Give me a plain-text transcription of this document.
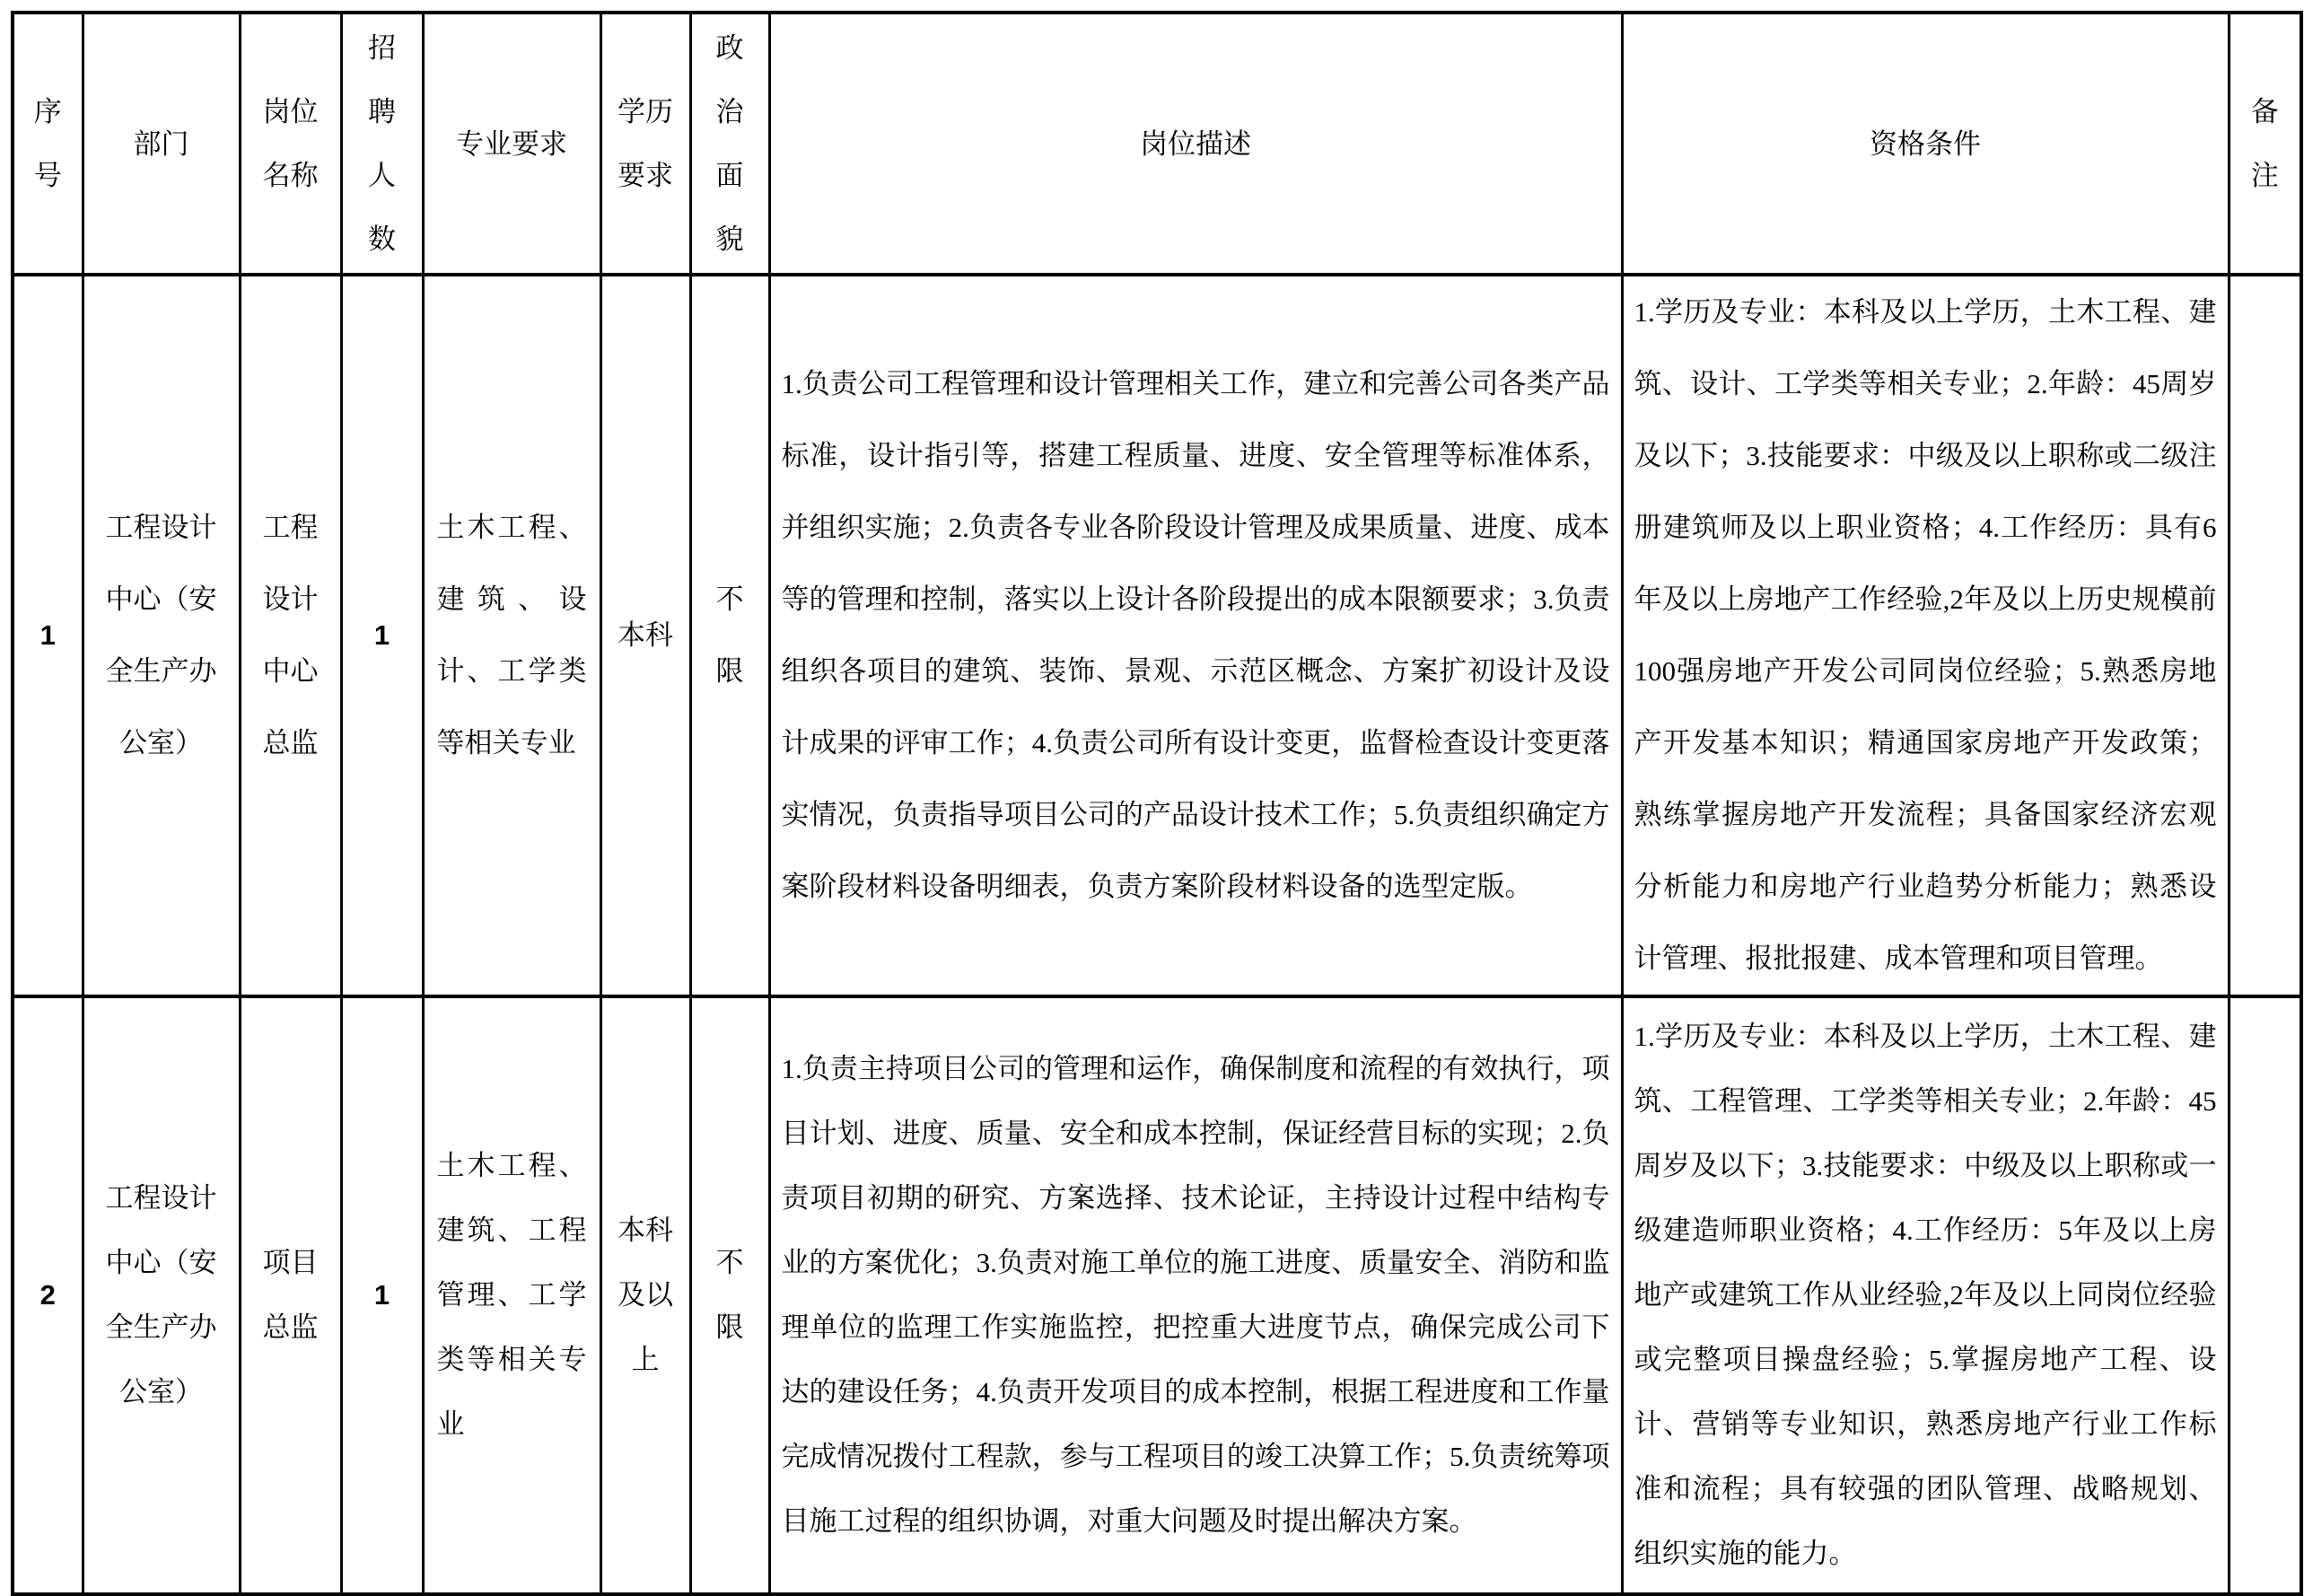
序号	部门	岗位名称	招聘人数	专业要求	学历要求	政治面貌	岗位描述	资格条件	备注
1	工程设计中心（安全生产办公室）	工程设计中心总监	1	土木工程、建筑、设计、工学类等相关专业	本科	不限	1.负责公司工程管理和设计管理相关工作，建立和完善公司各类产品标准，设计指引等，搭建工程质量、进度、安全管理等标准体系，并组织实施；2.负责各专业各阶段设计管理及成果质量、进度、成本等的管理和控制，落实以上设计各阶段提出的成本限额要求；3.负责组织各项目的建筑、装饰、景观、示范区概念、方案扩初设计及设计成果的评审工作；4.负责公司所有设计变更，监督检查设计变更落实情况，负责指导项目公司的产品设计技术工作；5.负责组织确定方案阶段材料设备明细表，负责方案阶段材料设备的选型定版。	1.学历及专业：本科及以上学历，土木工程、建筑、设计、工学类等相关专业；2.年龄：45周岁及以下；3.技能要求：中级及以上职称或二级注册建筑师及以上职业资格；4.工作经历：具有6年及以上房地产工作经验,2年及以上历史规模前100强房地产开发公司同岗位经验；5.熟悉房地产开发基本知识；精通国家房地产开发政策；熟练掌握房地产开发流程；具备国家经济宏观分析能力和房地产行业趋势分析能力；熟悉设计管理、报批报建、成本管理和项目管理。	
2	工程设计中心（安全生产办公室）	项目总监	1	土木工程、建筑、工程管理、工学类等相关专业	本科及以上	不限	1.负责主持项目公司的管理和运作，确保制度和流程的有效执行，项目计划、进度、质量、安全和成本控制，保证经营目标的实现；2.负责项目初期的研究、方案选择、技术论证，主持设计过程中结构专业的方案优化；3.负责对施工单位的施工进度、质量安全、消防和监理单位的监理工作实施监控，把控重大进度节点，确保完成公司下达的建设任务；4.负责开发项目的成本控制，根据工程进度和工作量完成情况拨付工程款，参与工程项目的竣工决算工作；5.负责统筹项目施工过程的组织协调，对重大问题及时提出解决方案。	1.学历及专业：本科及以上学历，土木工程、建筑、工程管理、工学类等相关专业；2.年龄：45周岁及以下；3.技能要求：中级及以上职称或一级建造师职业资格；4.工作经历：5年及以上房地产或建筑工作从业经验,2年及以上同岗位经验或完整项目操盘经验；5.掌握房地产工程、设计、营销等专业知识，熟悉房地产行业工作标准和流程；具有较强的团队管理、战略规划、组织实施的能力。	
